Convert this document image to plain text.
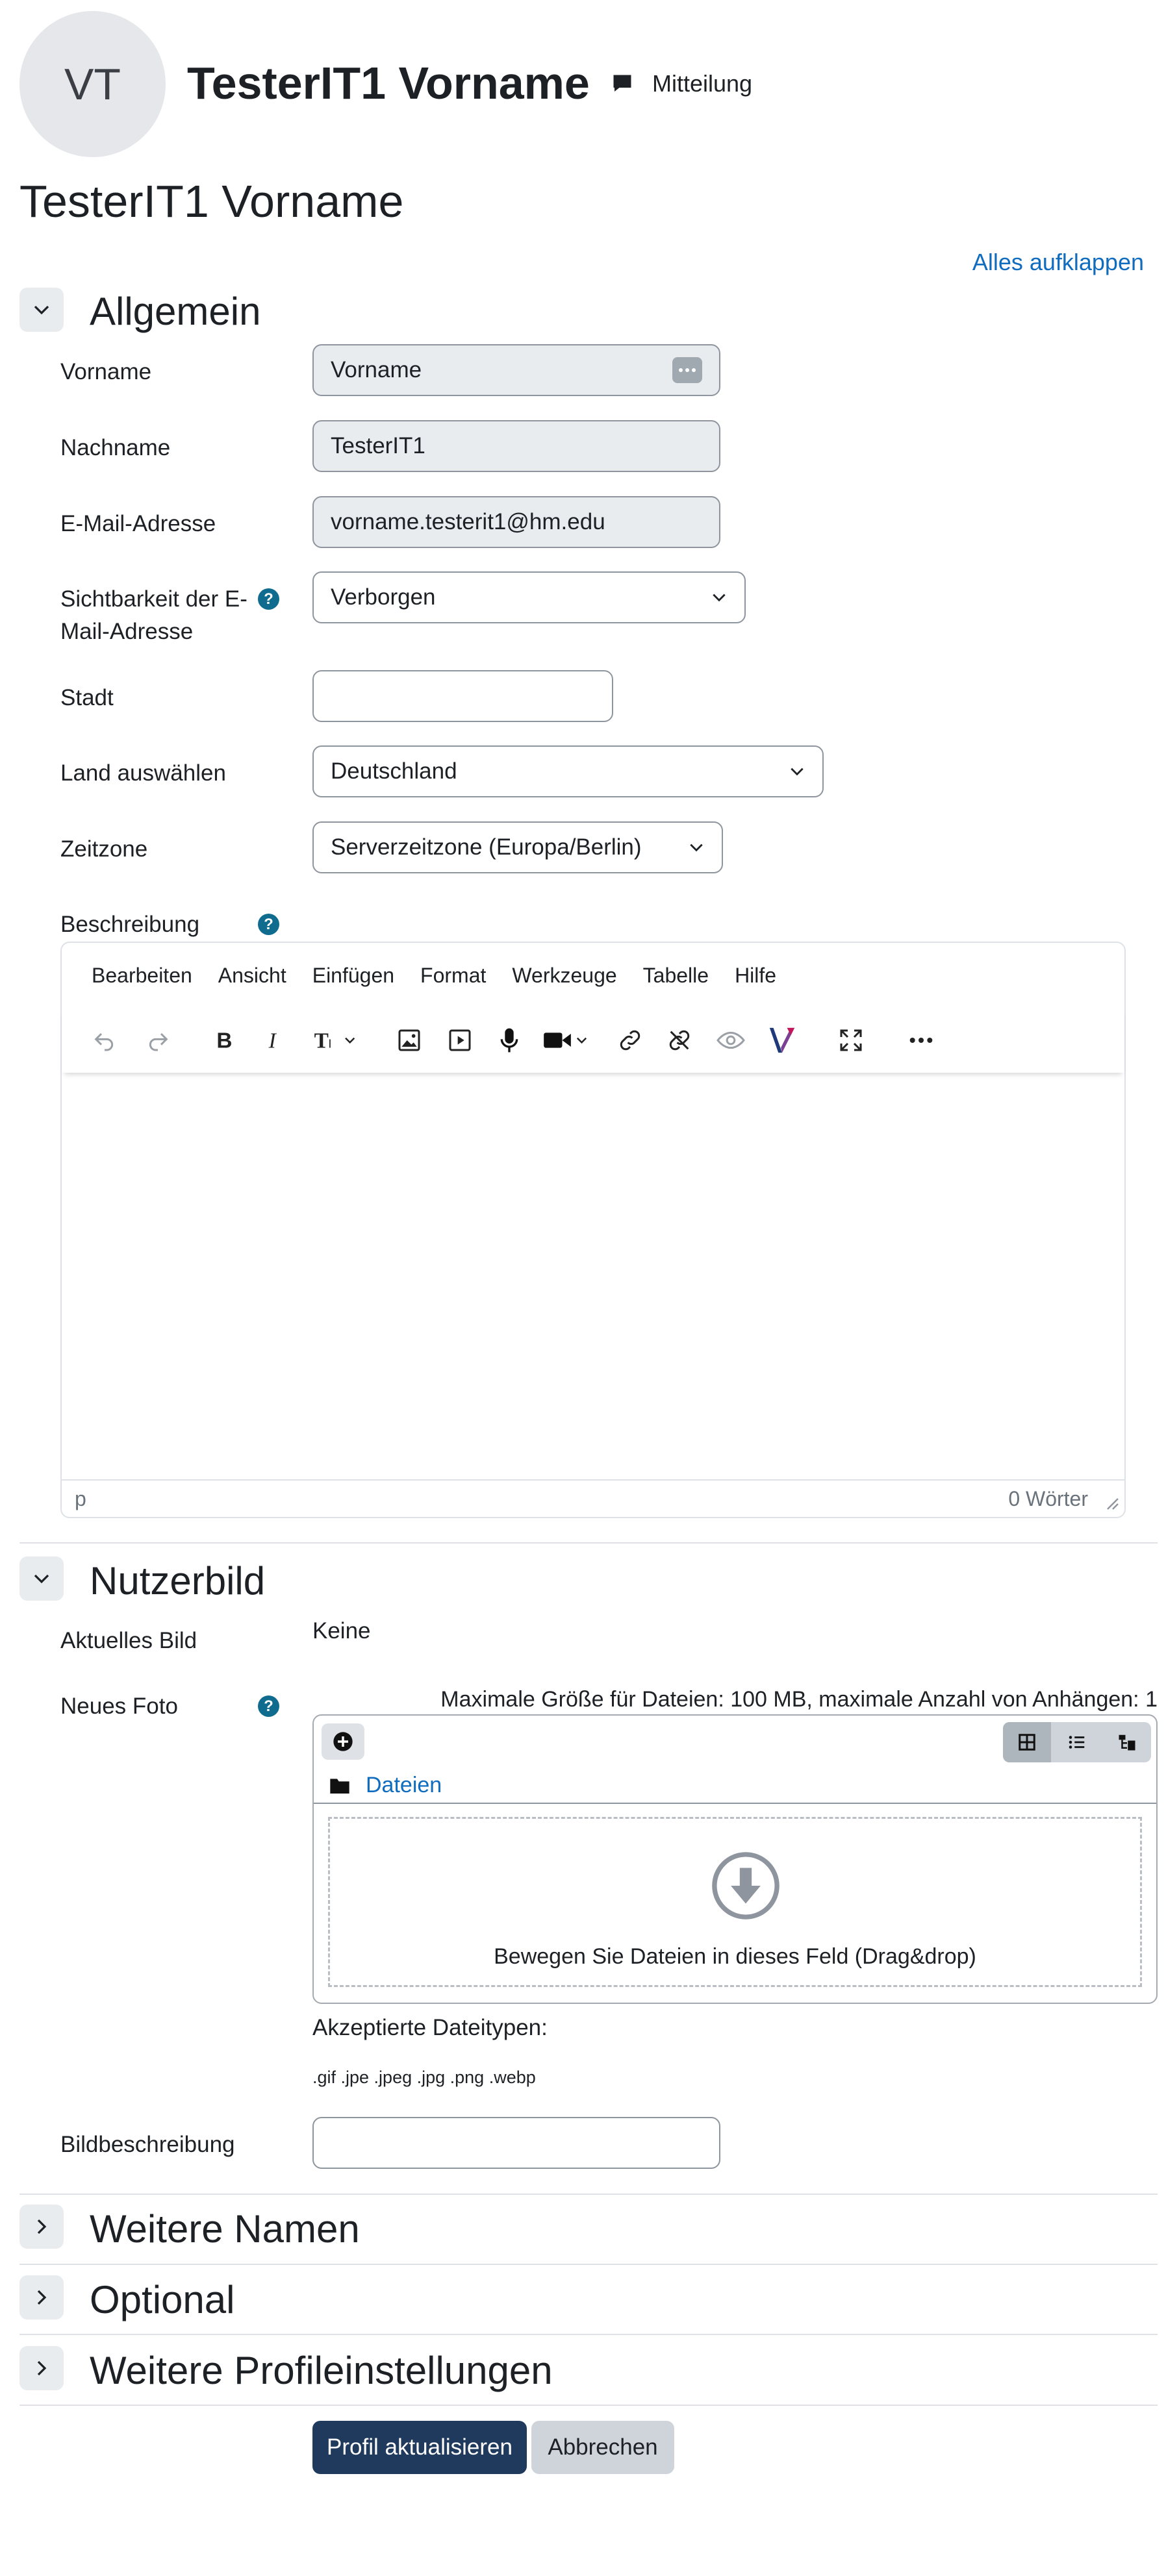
VT	TesterIT1 Vorname	Mitteilung
TesterIT1 Vorname
Alles aufklappen
Allgemein
Vorname	Vorname
Nachname	TesterIT1
E-Mail-Adresse	vorname.testerit1@hm.edu
Sichtbarkeit der E-
Mail-Adresse
?	Verborgen
Stadt
Land auswählen	Deutschland
Zeitzone	Serverzeitzone (Europa/Berlin)
Beschreibung	?
Bearbeiten Ansicht Einfügen Format Werkzeuge Tabelle Hilfe
B	I	T I
p	0 Wörter
Nutzerbild
Aktuelles Bild	Keine
Neues Foto	?	Maximale Größe für Dateien: 100 MB, maximale Anzahl von Anhängen: 1
Dateien
Bewegen Sie Dateien in dieses Feld (Drag&drop)
Akzeptierte Dateitypen:
.gif .jpe .jpeg .jpg .png .webp
Bildbeschreibung
Weitere Namen
Optional
Weitere Profileinstellungen
Profil aktualisieren	Abbrechen
